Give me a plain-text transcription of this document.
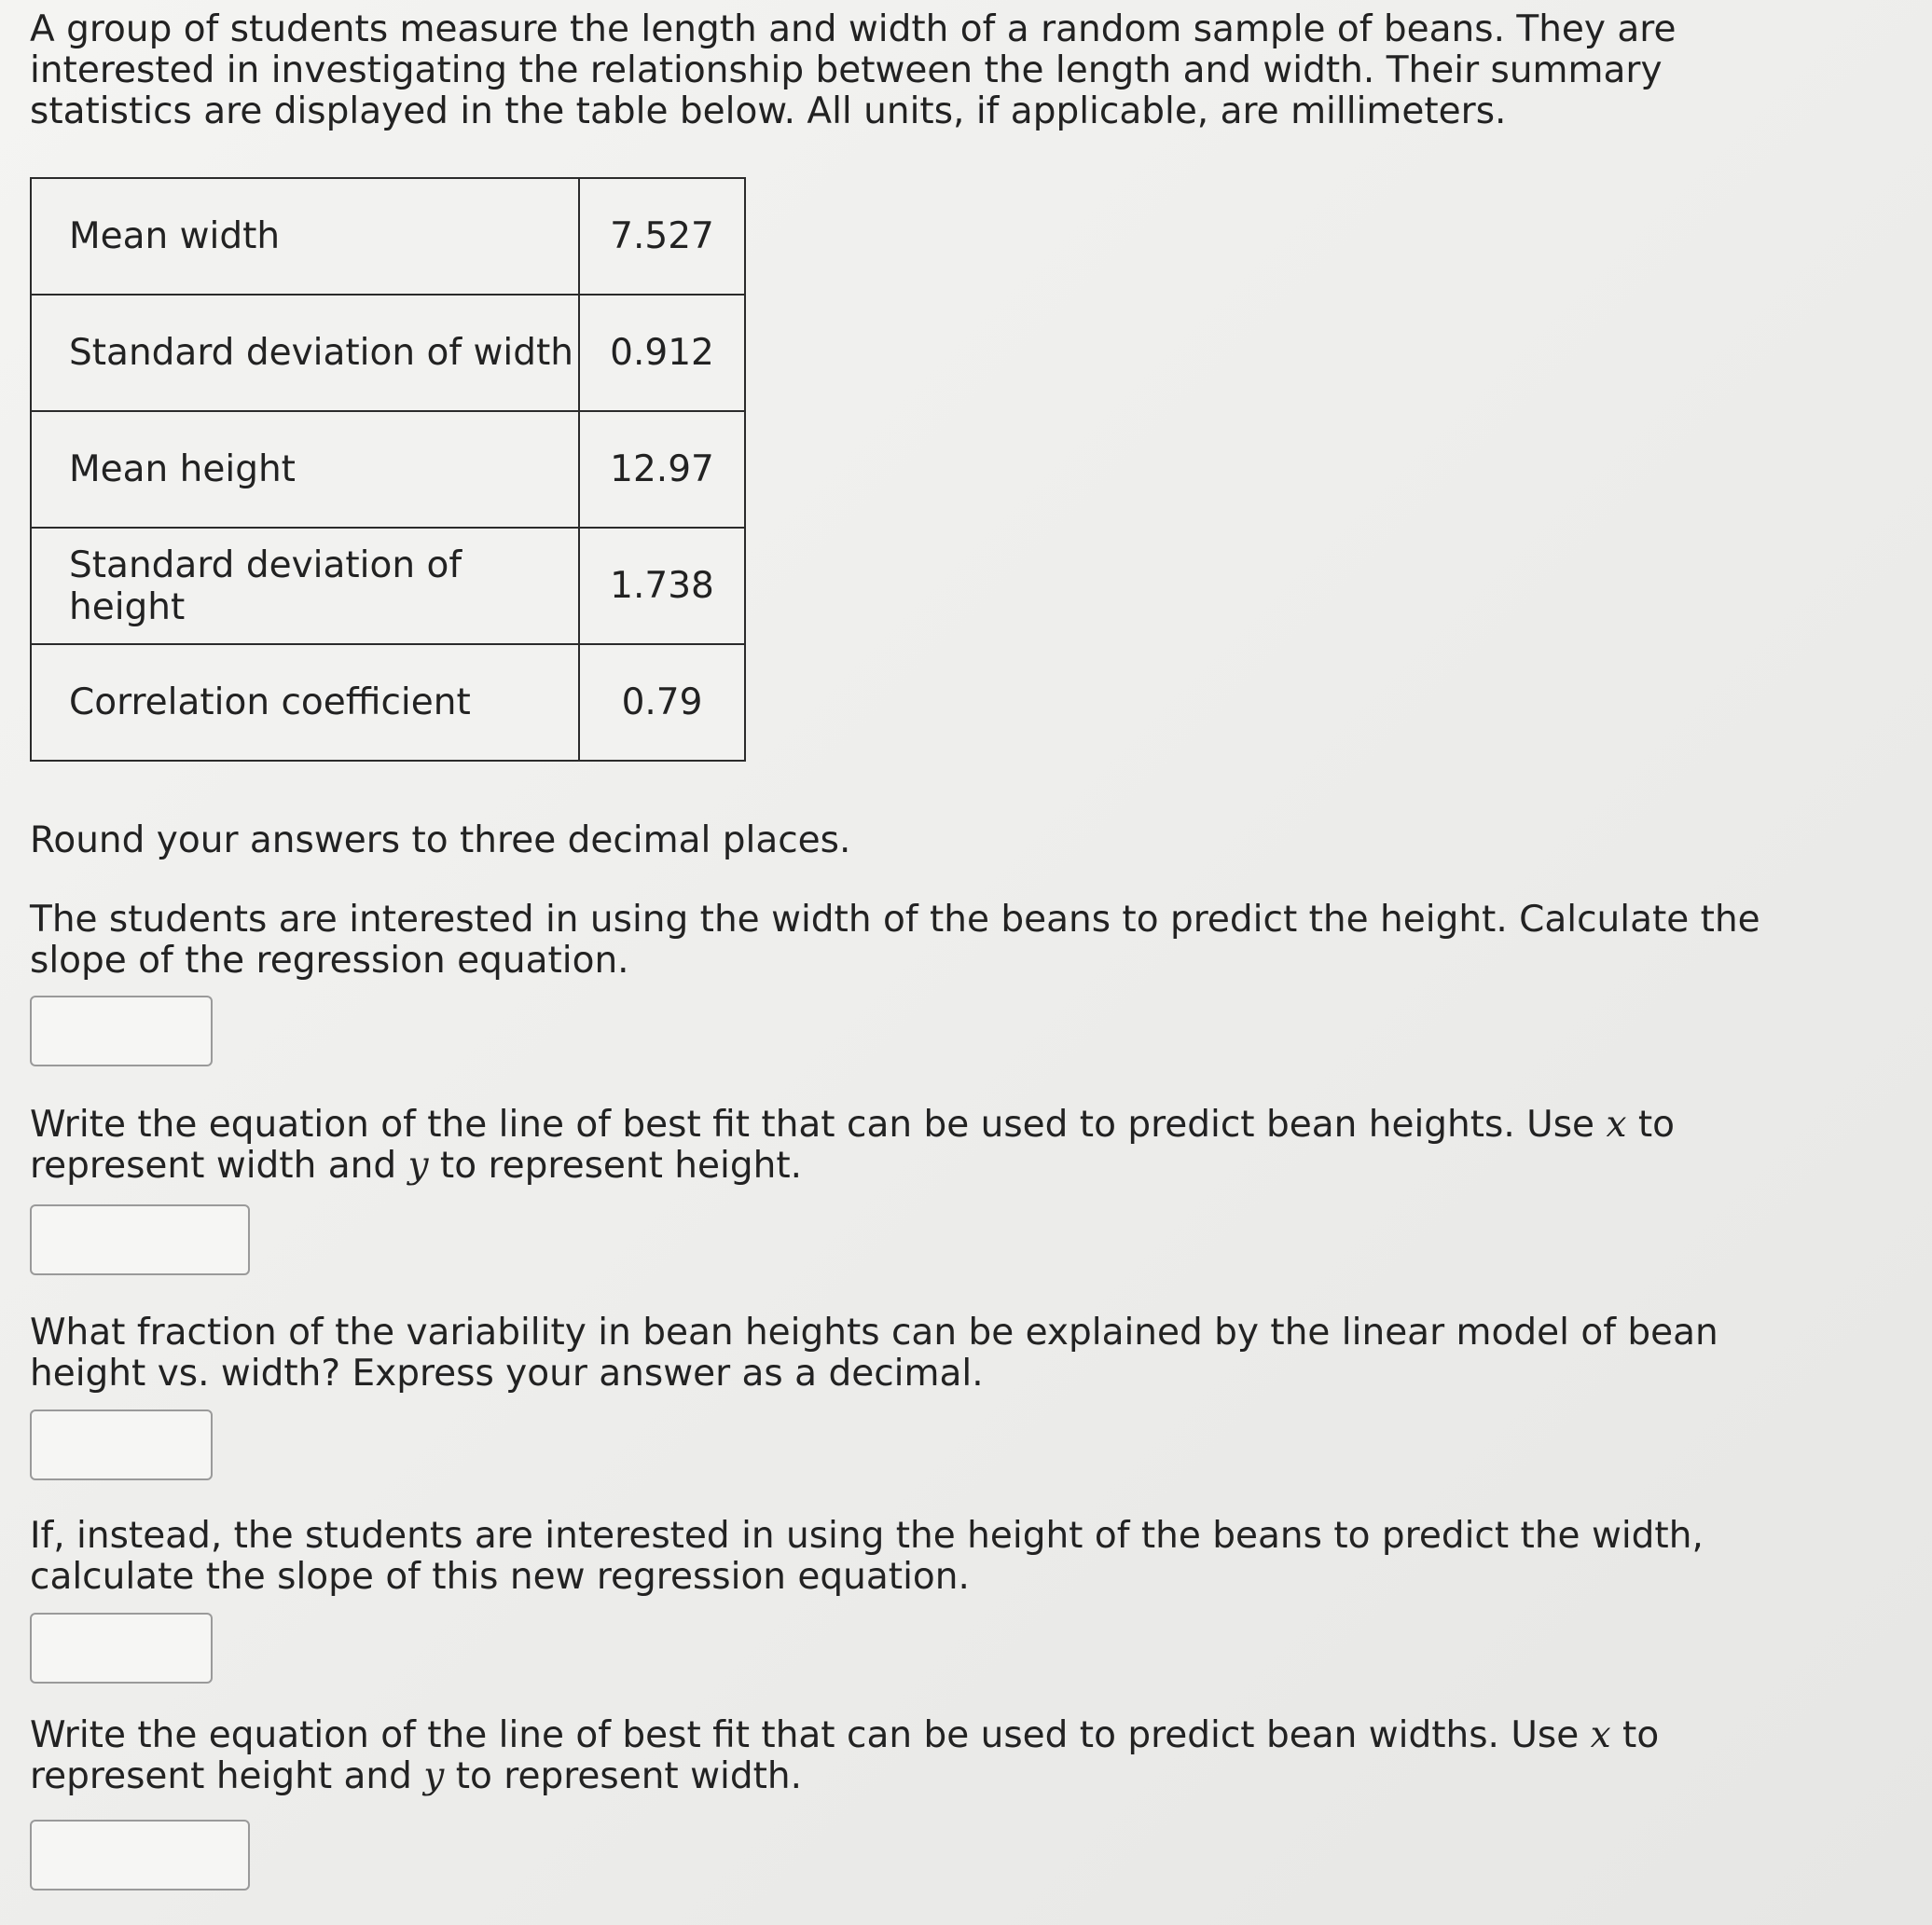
A group of students measure the length and width of a random sample of beans. They are interested in investigating the relationship between the length and width. Their summary statistics are displayed in the table below. All units, if applicable, are millimeters.

Mean width	7.527
Standard deviation of width	0.912
Mean height	12.97
Standard deviation of height	1.738
Correlation coefficient	0.79

Round your answers to three decimal places.

The students are interested in using the width of the beans to predict the height. Calculate the slope of the regression equation.

Write the equation of the line of best fit that can be used to predict bean heights. Use x to represent width and y to represent height.

What fraction of the variability in bean heights can be explained by the linear model of bean height vs. width? Express your answer as a decimal.

If, instead, the students are interested in using the height of the beans to predict the width, calculate the slope of this new regression equation.

Write the equation of the line of best fit that can be used to predict bean widths. Use x to represent height and y to represent width.
